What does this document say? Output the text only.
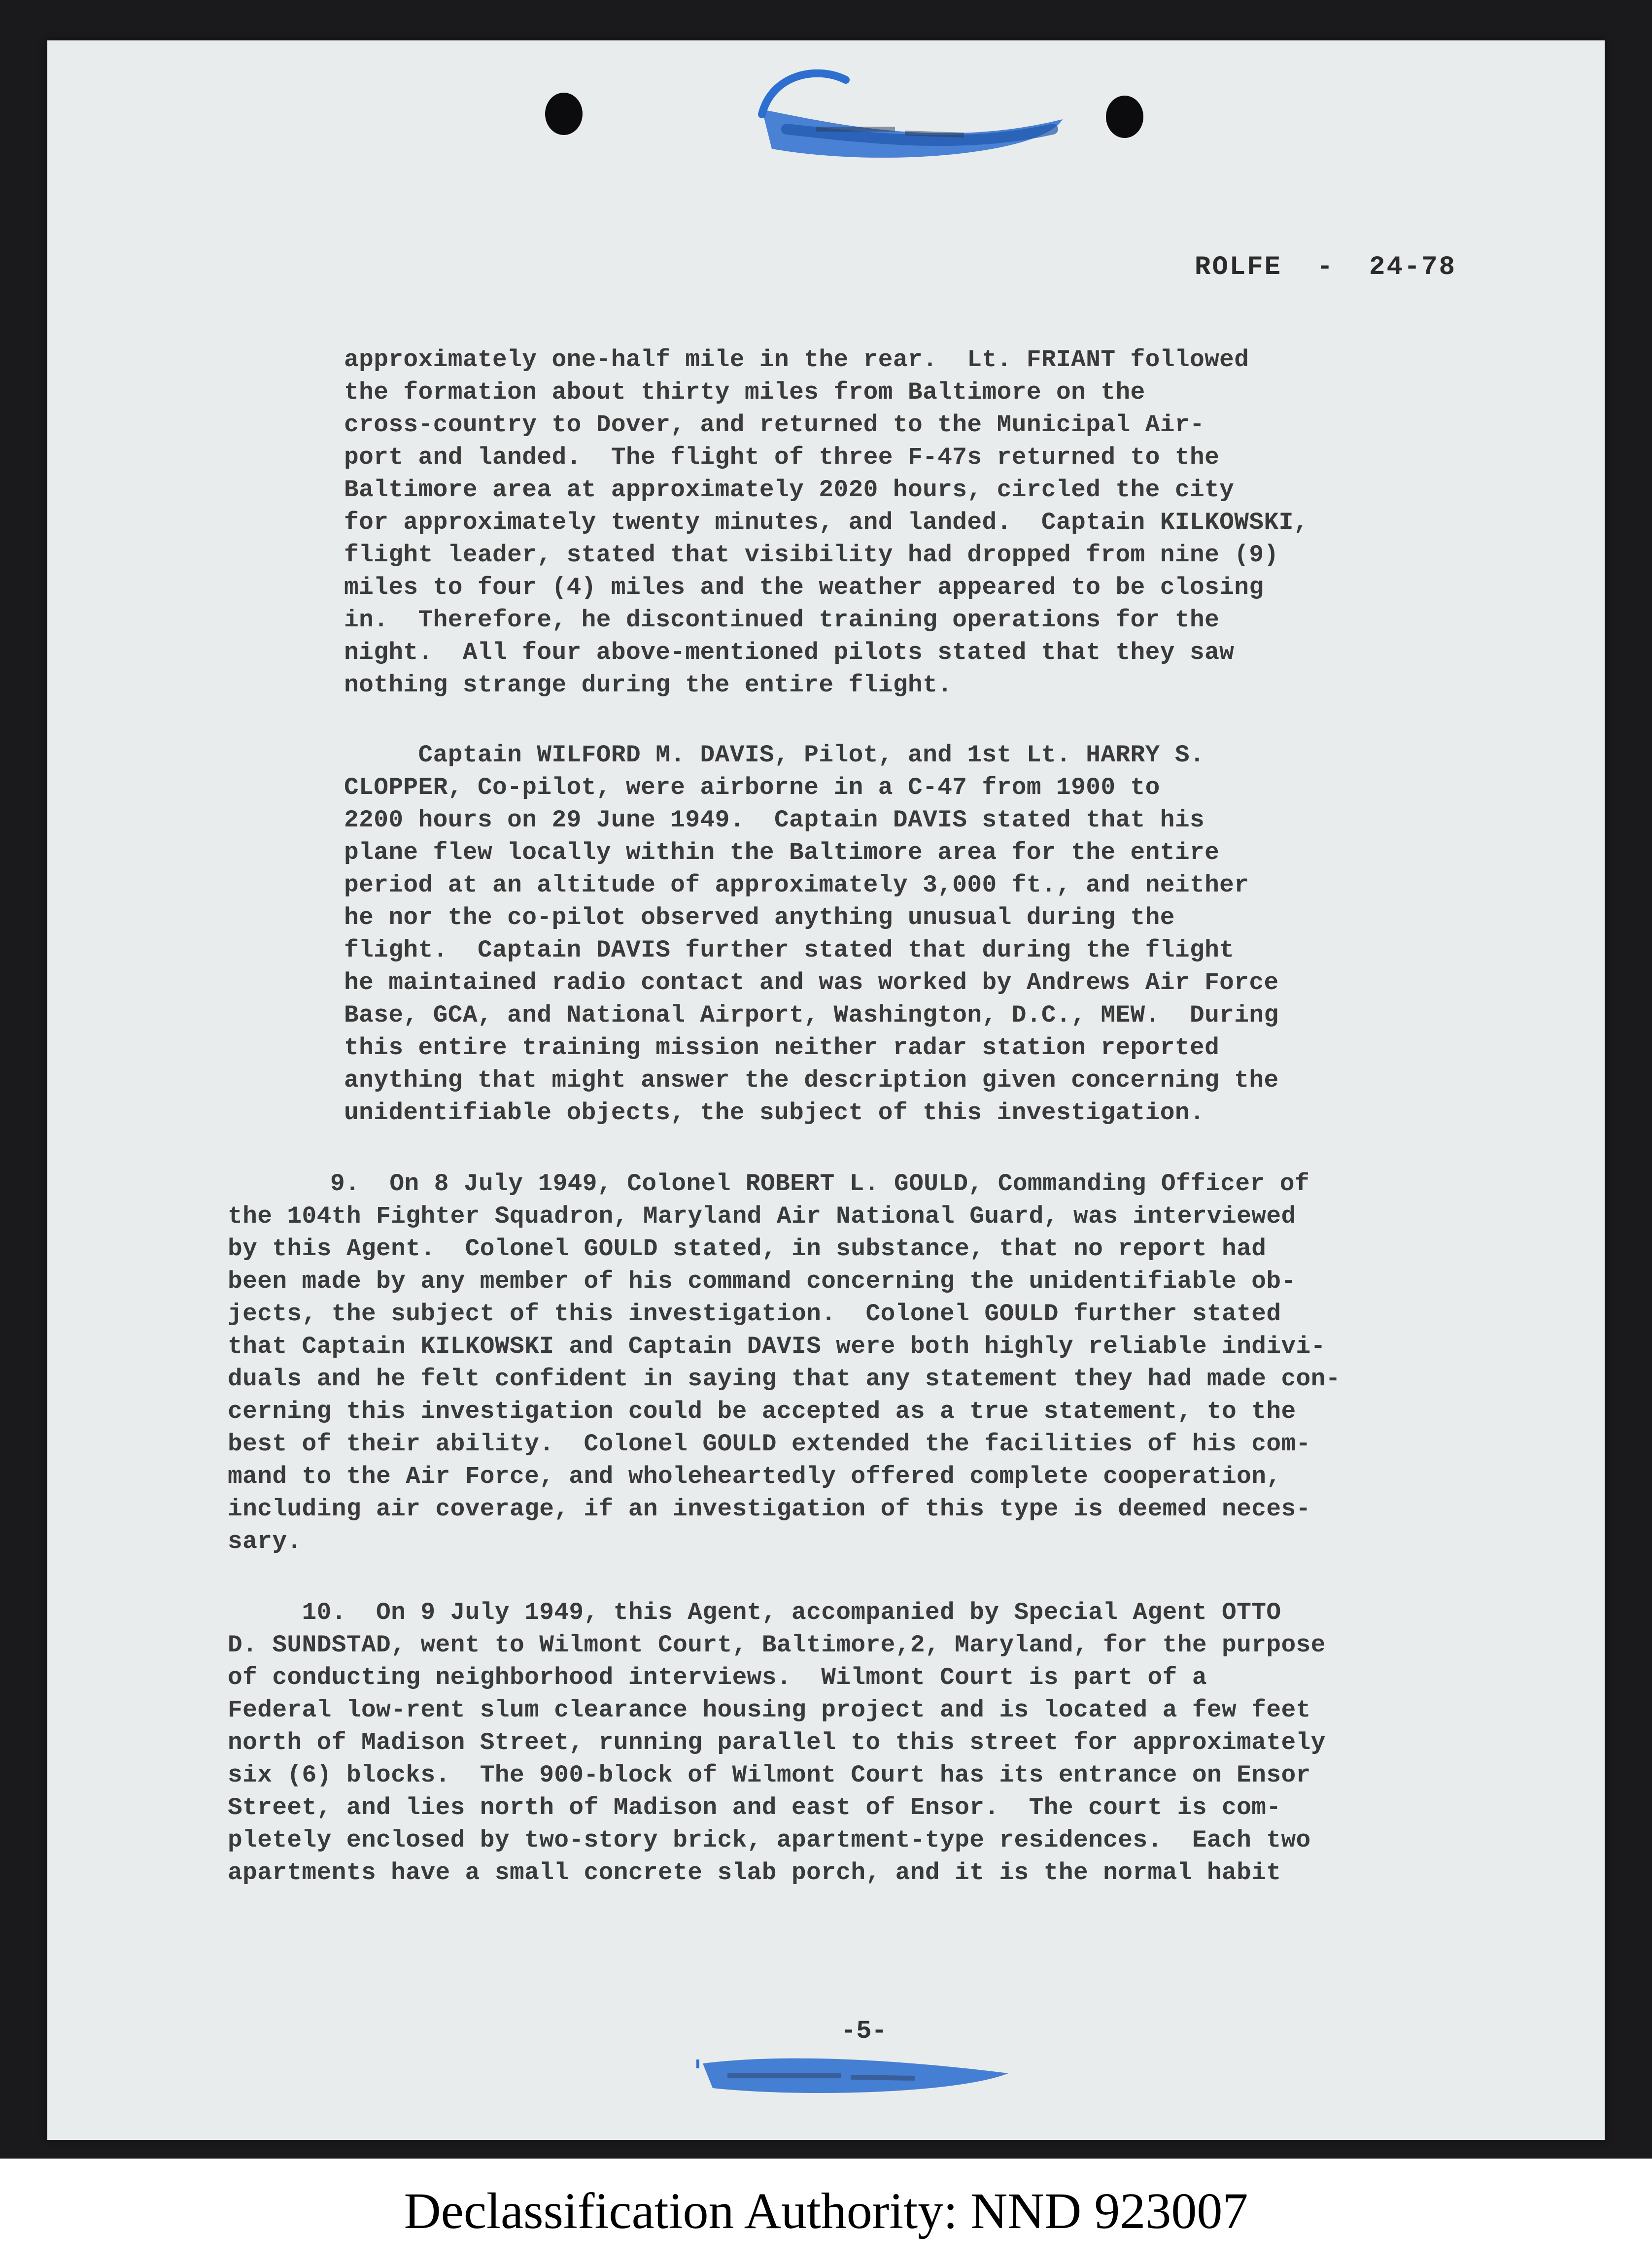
ROLFE  -  24-78
approximately one-half mile in the rear.  Lt. FRIANT followed
the formation about thirty miles from Baltimore on the
cross-country to Dover, and returned to the Municipal Air-
port and landed.  The flight of three F-47s returned to the
Baltimore area at approximately 2020 hours, circled the city
for approximately twenty minutes, and landed.  Captain KILKOWSKI,
flight leader, stated that visibility had dropped from nine (9)
miles to four (4) miles and the weather appeared to be closing
in.  Therefore, he discontinued training operations for the
night.  All four above-mentioned pilots stated that they saw
nothing strange during the entire flight.
Captain WILFORD M. DAVIS, Pilot, and 1st Lt. HARRY S.
CLOPPER, Co-pilot, were airborne in a C-47 from 1900 to
2200 hours on 29 June 1949.  Captain DAVIS stated that his
plane flew locally within the Baltimore area for the entire
period at an altitude of approximately 3,000 ft., and neither
he nor the co-pilot observed anything unusual during the
flight.  Captain DAVIS further stated that during the flight
he maintained radio contact and was worked by Andrews Air Force
Base, GCA, and National Airport, Washington, D.C., MEW.  During
this entire training mission neither radar station reported
anything that might answer the description given concerning the
unidentifiable objects, the subject of this investigation.
9.  On 8 July 1949, Colonel ROBERT L. GOULD, Commanding Officer of
the 104th Fighter Squadron, Maryland Air National Guard, was interviewed
by this Agent.  Colonel GOULD stated, in substance, that no report had
been made by any member of his command concerning the unidentifiable ob-
jects, the subject of this investigation.  Colonel GOULD further stated
that Captain KILKOWSKI and Captain DAVIS were both highly reliable indivi-
duals and he felt confident in saying that any statement they had made con-
cerning this investigation could be accepted as a true statement, to the
best of their ability.  Colonel GOULD extended the facilities of his com-
mand to the Air Force, and wholeheartedly offered complete cooperation,
including air coverage, if an investigation of this type is deemed neces-
sary.
10.  On 9 July 1949, this Agent, accompanied by Special Agent OTTO
D. SUNDSTAD, went to Wilmont Court, Baltimore,2, Maryland, for the purpose
of conducting neighborhood interviews.  Wilmont Court is part of a
Federal low-rent slum clearance housing project and is located a few feet
north of Madison Street, running parallel to this street for approximately
six (6) blocks.  The 900-block of Wilmont Court has its entrance on Ensor
Street, and lies north of Madison and east of Ensor.  The court is com-
pletely enclosed by two-story brick, apartment-type residences.  Each two
apartments have a small concrete slab porch, and it is the normal habit
-5-
Declassification Authority: NND 923007
